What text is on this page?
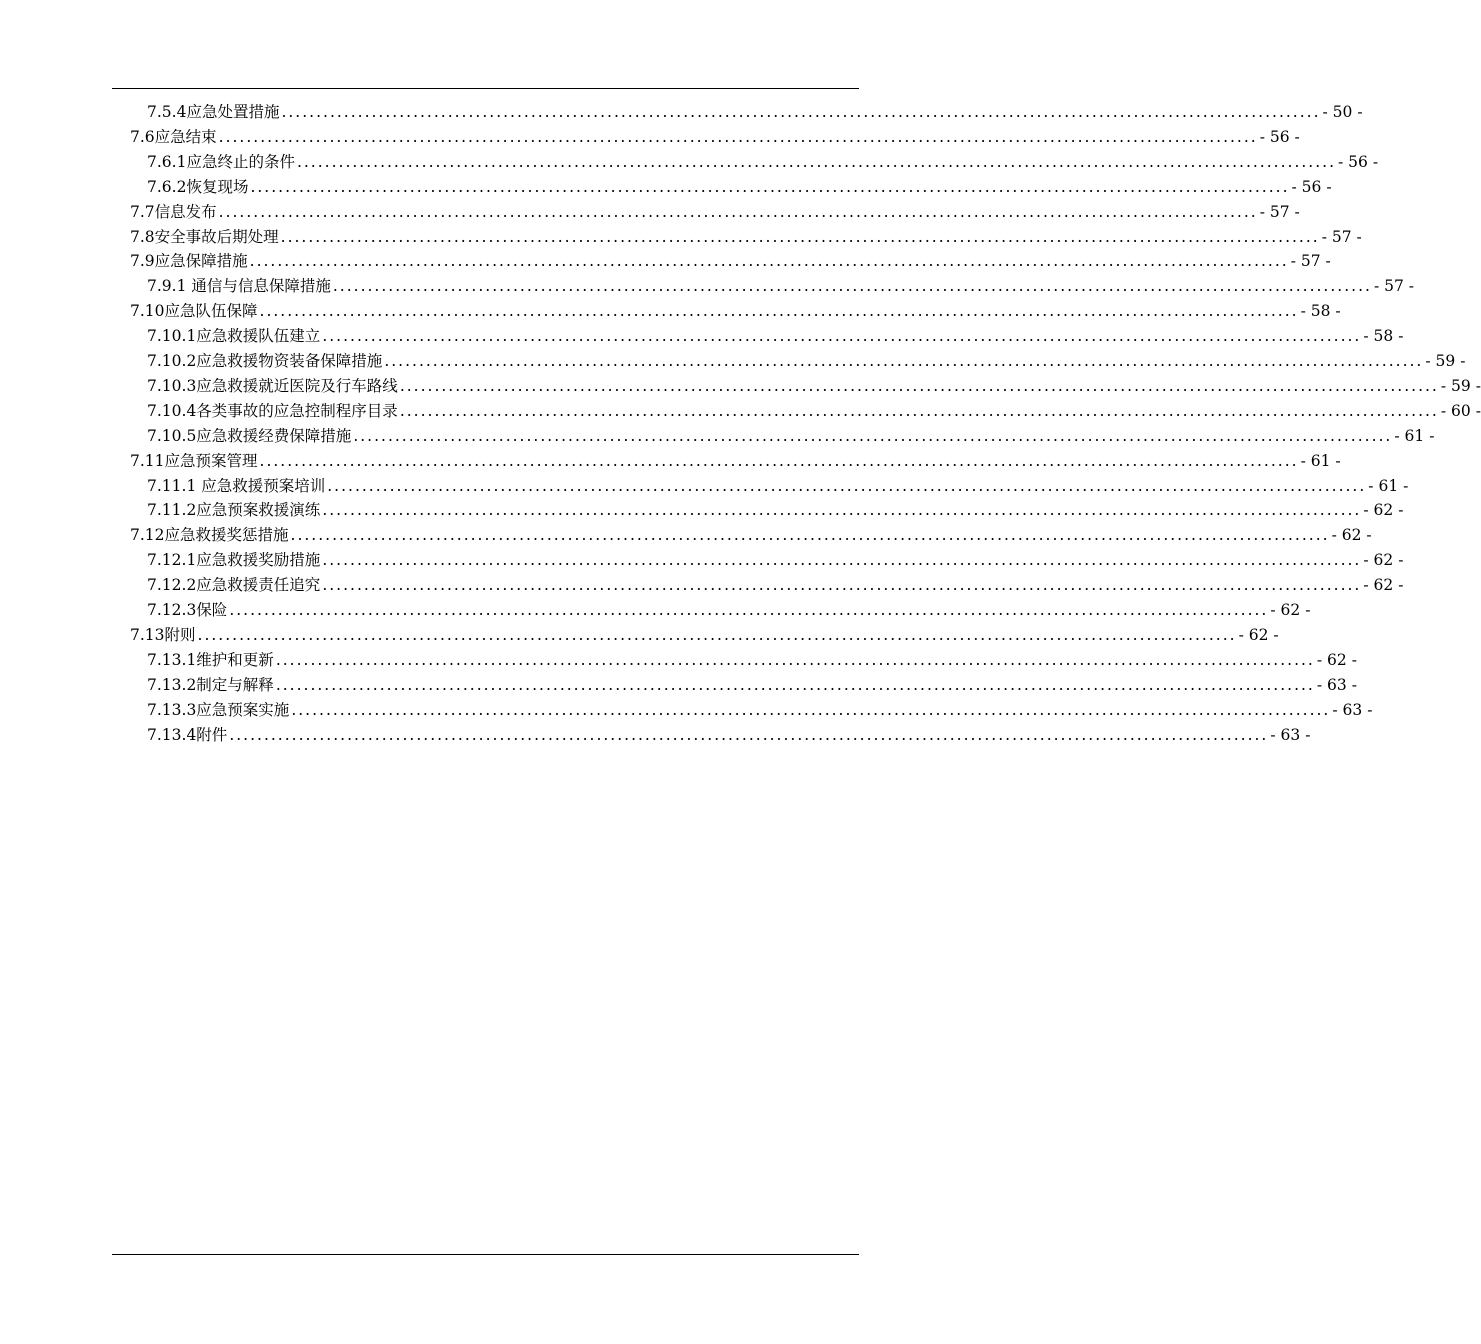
7.5.4应急处置措施 ...................................................................................................................................................... - 50 -
7.6应急结束 ...................................................................................................................................................... - 56 -
7.6.1应急终止的条件 ...................................................................................................................................................... - 56 -
7.6.2恢复现场 ...................................................................................................................................................... - 56 -
7.7信息发布 ...................................................................................................................................................... - 57 -
7.8安全事故后期处理 ...................................................................................................................................................... - 57 -
7.9应急保障措施 ...................................................................................................................................................... - 57 -
7.9.1 通信与信息保障措施 ...................................................................................................................................................... - 57 -
7.10应急队伍保障 ...................................................................................................................................................... - 58 -
7.10.1应急救援队伍建立 ...................................................................................................................................................... - 58 -
7.10.2应急救援物资装备保障措施 ...................................................................................................................................................... - 59 -
7.10.3应急救援就近医院及行车路线 ...................................................................................................................................................... - 59 -
7.10.4各类事故的应急控制程序目录 ...................................................................................................................................................... - 60 -
7.10.5应急救援经费保障措施 ...................................................................................................................................................... - 61 -
7.11应急预案管理 ...................................................................................................................................................... - 61 -
7.11.1 应急救援预案培训 ...................................................................................................................................................... - 61 -
7.11.2应急预案救援演练 ...................................................................................................................................................... - 62 -
7.12应急救援奖惩措施 ...................................................................................................................................................... - 62 -
7.12.1应急救援奖励措施 ...................................................................................................................................................... - 62 -
7.12.2应急救援责任追究 ...................................................................................................................................................... - 62 -
7.12.3保险 ...................................................................................................................................................... - 62 -
7.13附则 ...................................................................................................................................................... - 62 -
7.13.1维护和更新 ...................................................................................................................................................... - 62 -
7.13.2制定与解释 ...................................................................................................................................................... - 63 -
7.13.3应急预案实施 ...................................................................................................................................................... - 63 -
7.13.4附件 ...................................................................................................................................................... - 63 -
